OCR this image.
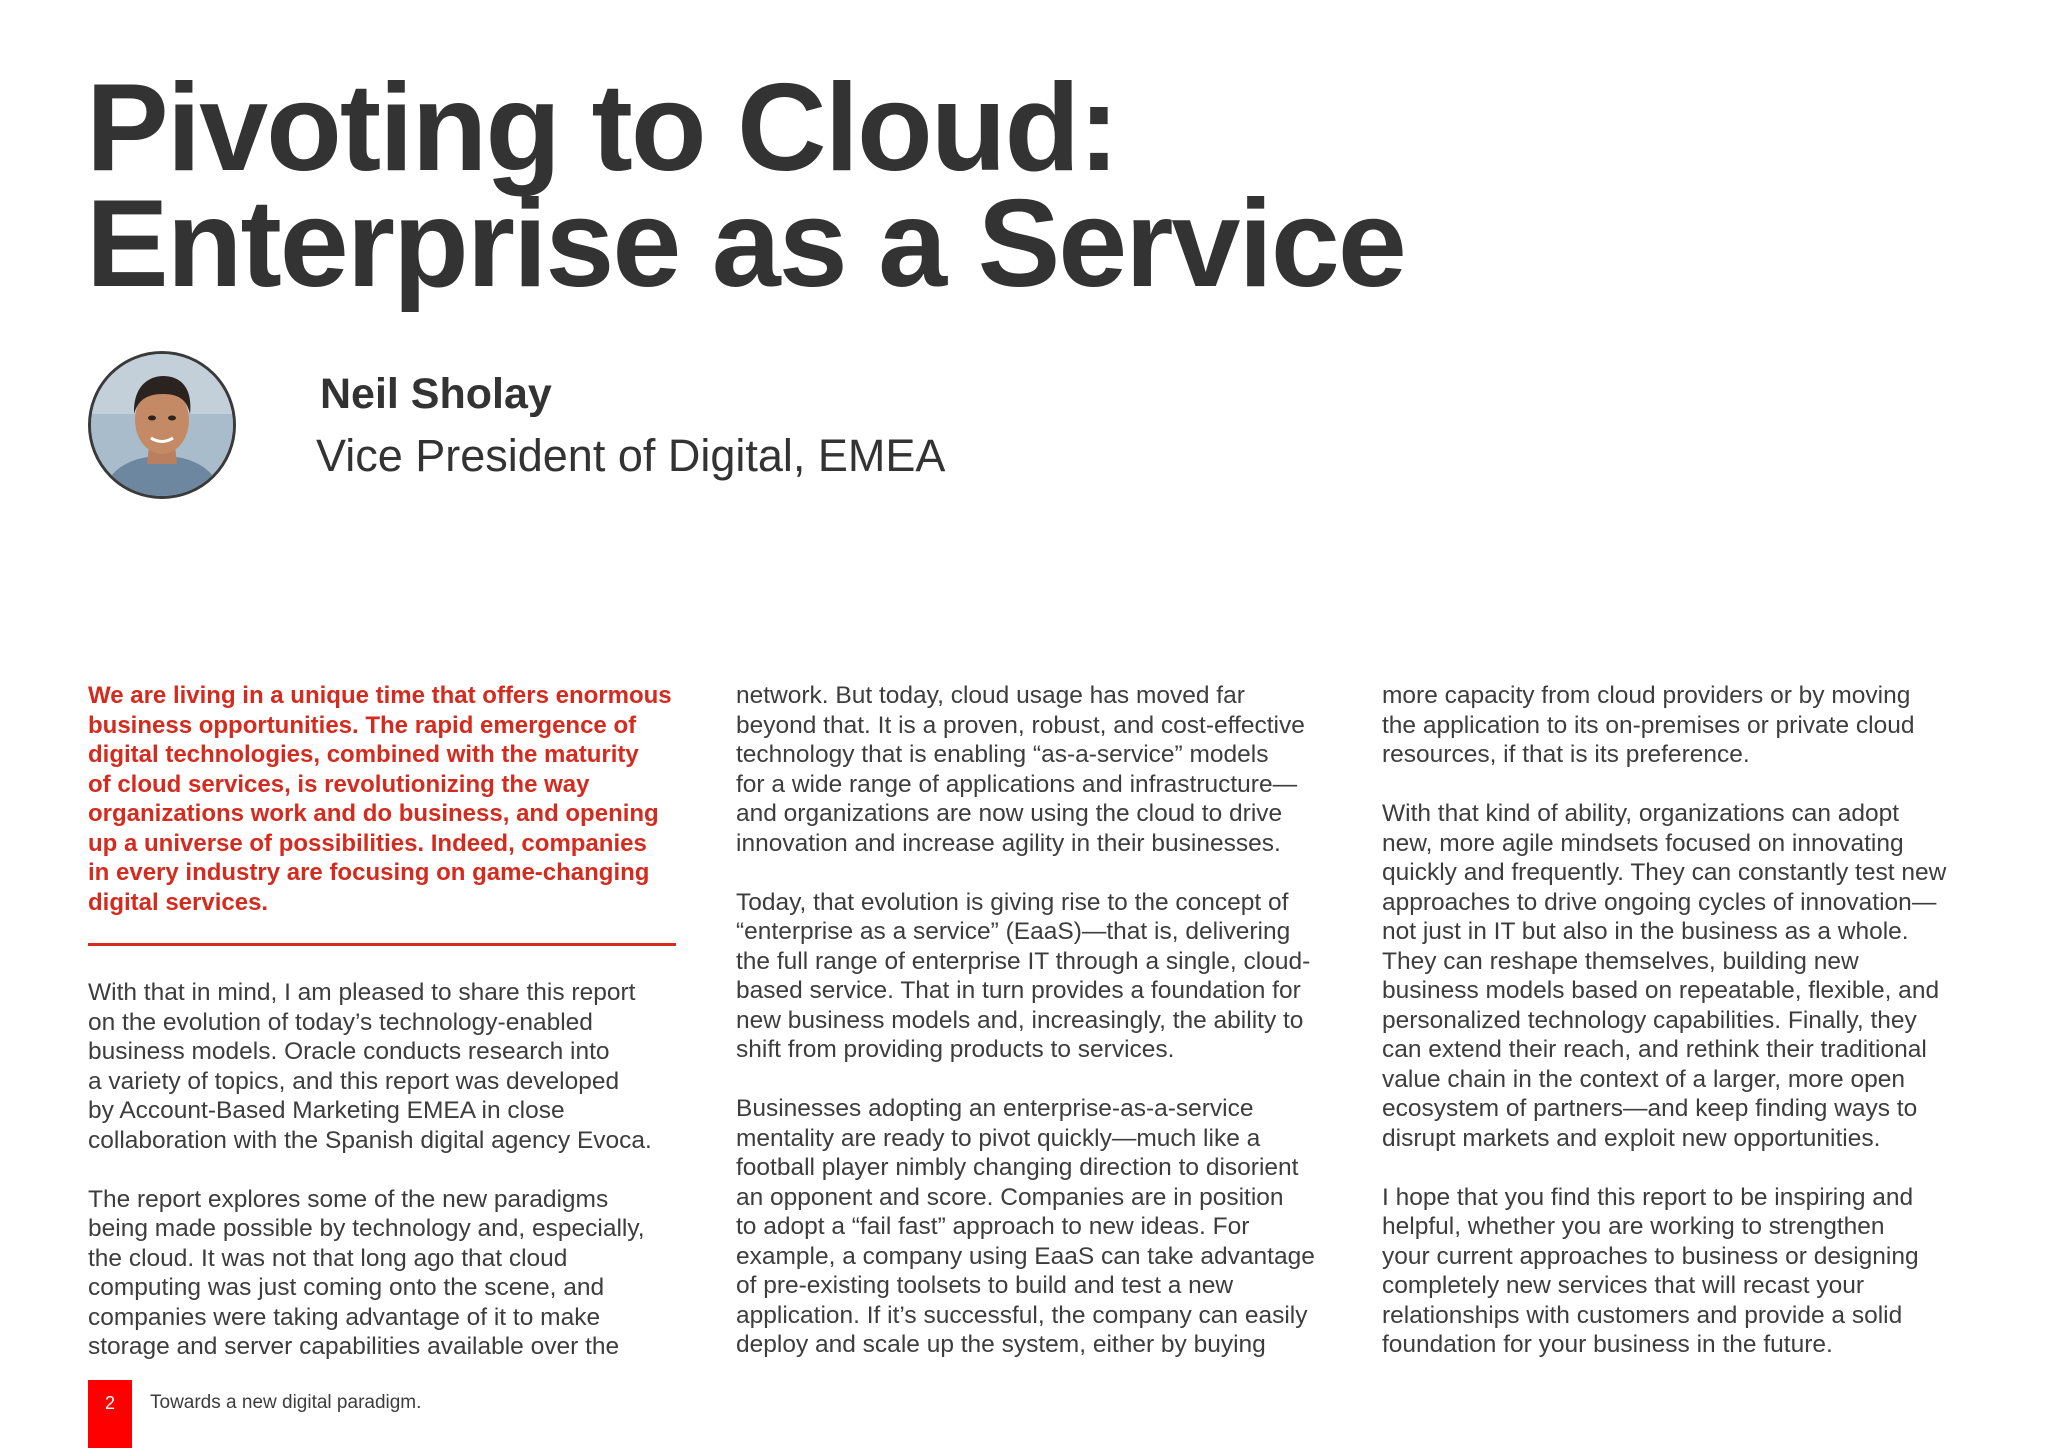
Pivoting to Cloud:
Enterprise as a Service
Neil Sholay
Vice President of Digital, EMEA

We are living in a unique time that offers enormous
business opportunities. The rapid emergence of
digital technologies, combined with the maturity
of cloud services, is revolutionizing the way
organizations work and do business, and opening
up a universe of possibilities. Indeed, companies
in every industry are focusing on game-changing
digital services.

With that in mind, I am pleased to share this report
on the evolution of today’s technology-enabled
business models. Oracle conducts research into
a variety of topics, and this report was developed
by Account-Based Marketing EMEA in close
collaboration with the Spanish digital agency Evoca.

The report explores some of the new paradigms
being made possible by technology and, especially,
the cloud. It was not that long ago that cloud
computing was just coming onto the scene, and
companies were taking advantage of it to make
storage and server capabilities available over the

network. But today, cloud usage has moved far
beyond that. It is a proven, robust, and cost-effective
technology that is enabling “as-a-service” models
for a wide range of applications and infrastructure—
and organizations are now using the cloud to drive
innovation and increase agility in their businesses.

Today, that evolution is giving rise to the concept of
“enterprise as a service” (EaaS)—that is, delivering
the full range of enterprise IT through a single, cloud-
based service. That in turn provides a foundation for
new business models and, increasingly, the ability to
shift from providing products to services.

Businesses adopting an enterprise-as-a-service
mentality are ready to pivot quickly—much like a
football player nimbly changing direction to disorient
an opponent and score. Companies are in position
to adopt a “fail fast” approach to new ideas. For
example, a company using EaaS can take advantage
of pre-existing toolsets to build and test a new
application. If it’s successful, the company can easily
deploy and scale up the system, either by buying

more capacity from cloud providers or by moving
the application to its on-premises or private cloud
resources, if that is its preference.

With that kind of ability, organizations can adopt
new, more agile mindsets focused on innovating
quickly and frequently. They can constantly test new
approaches to drive ongoing cycles of innovation—
not just in IT but also in the business as a whole.
They can reshape themselves, building new
business models based on repeatable, flexible, and
personalized technology capabilities. Finally, they
can extend their reach, and rethink their traditional
value chain in the context of a larger, more open
ecosystem of partners—and keep finding ways to
disrupt markets and exploit new opportunities.

I hope that you find this report to be inspiring and
helpful, whether you are working to strengthen
your current approaches to business or designing
completely new services that will recast your
relationships with customers and provide a solid
foundation for your business in the future.

2	Towards a new digital paradigm.
